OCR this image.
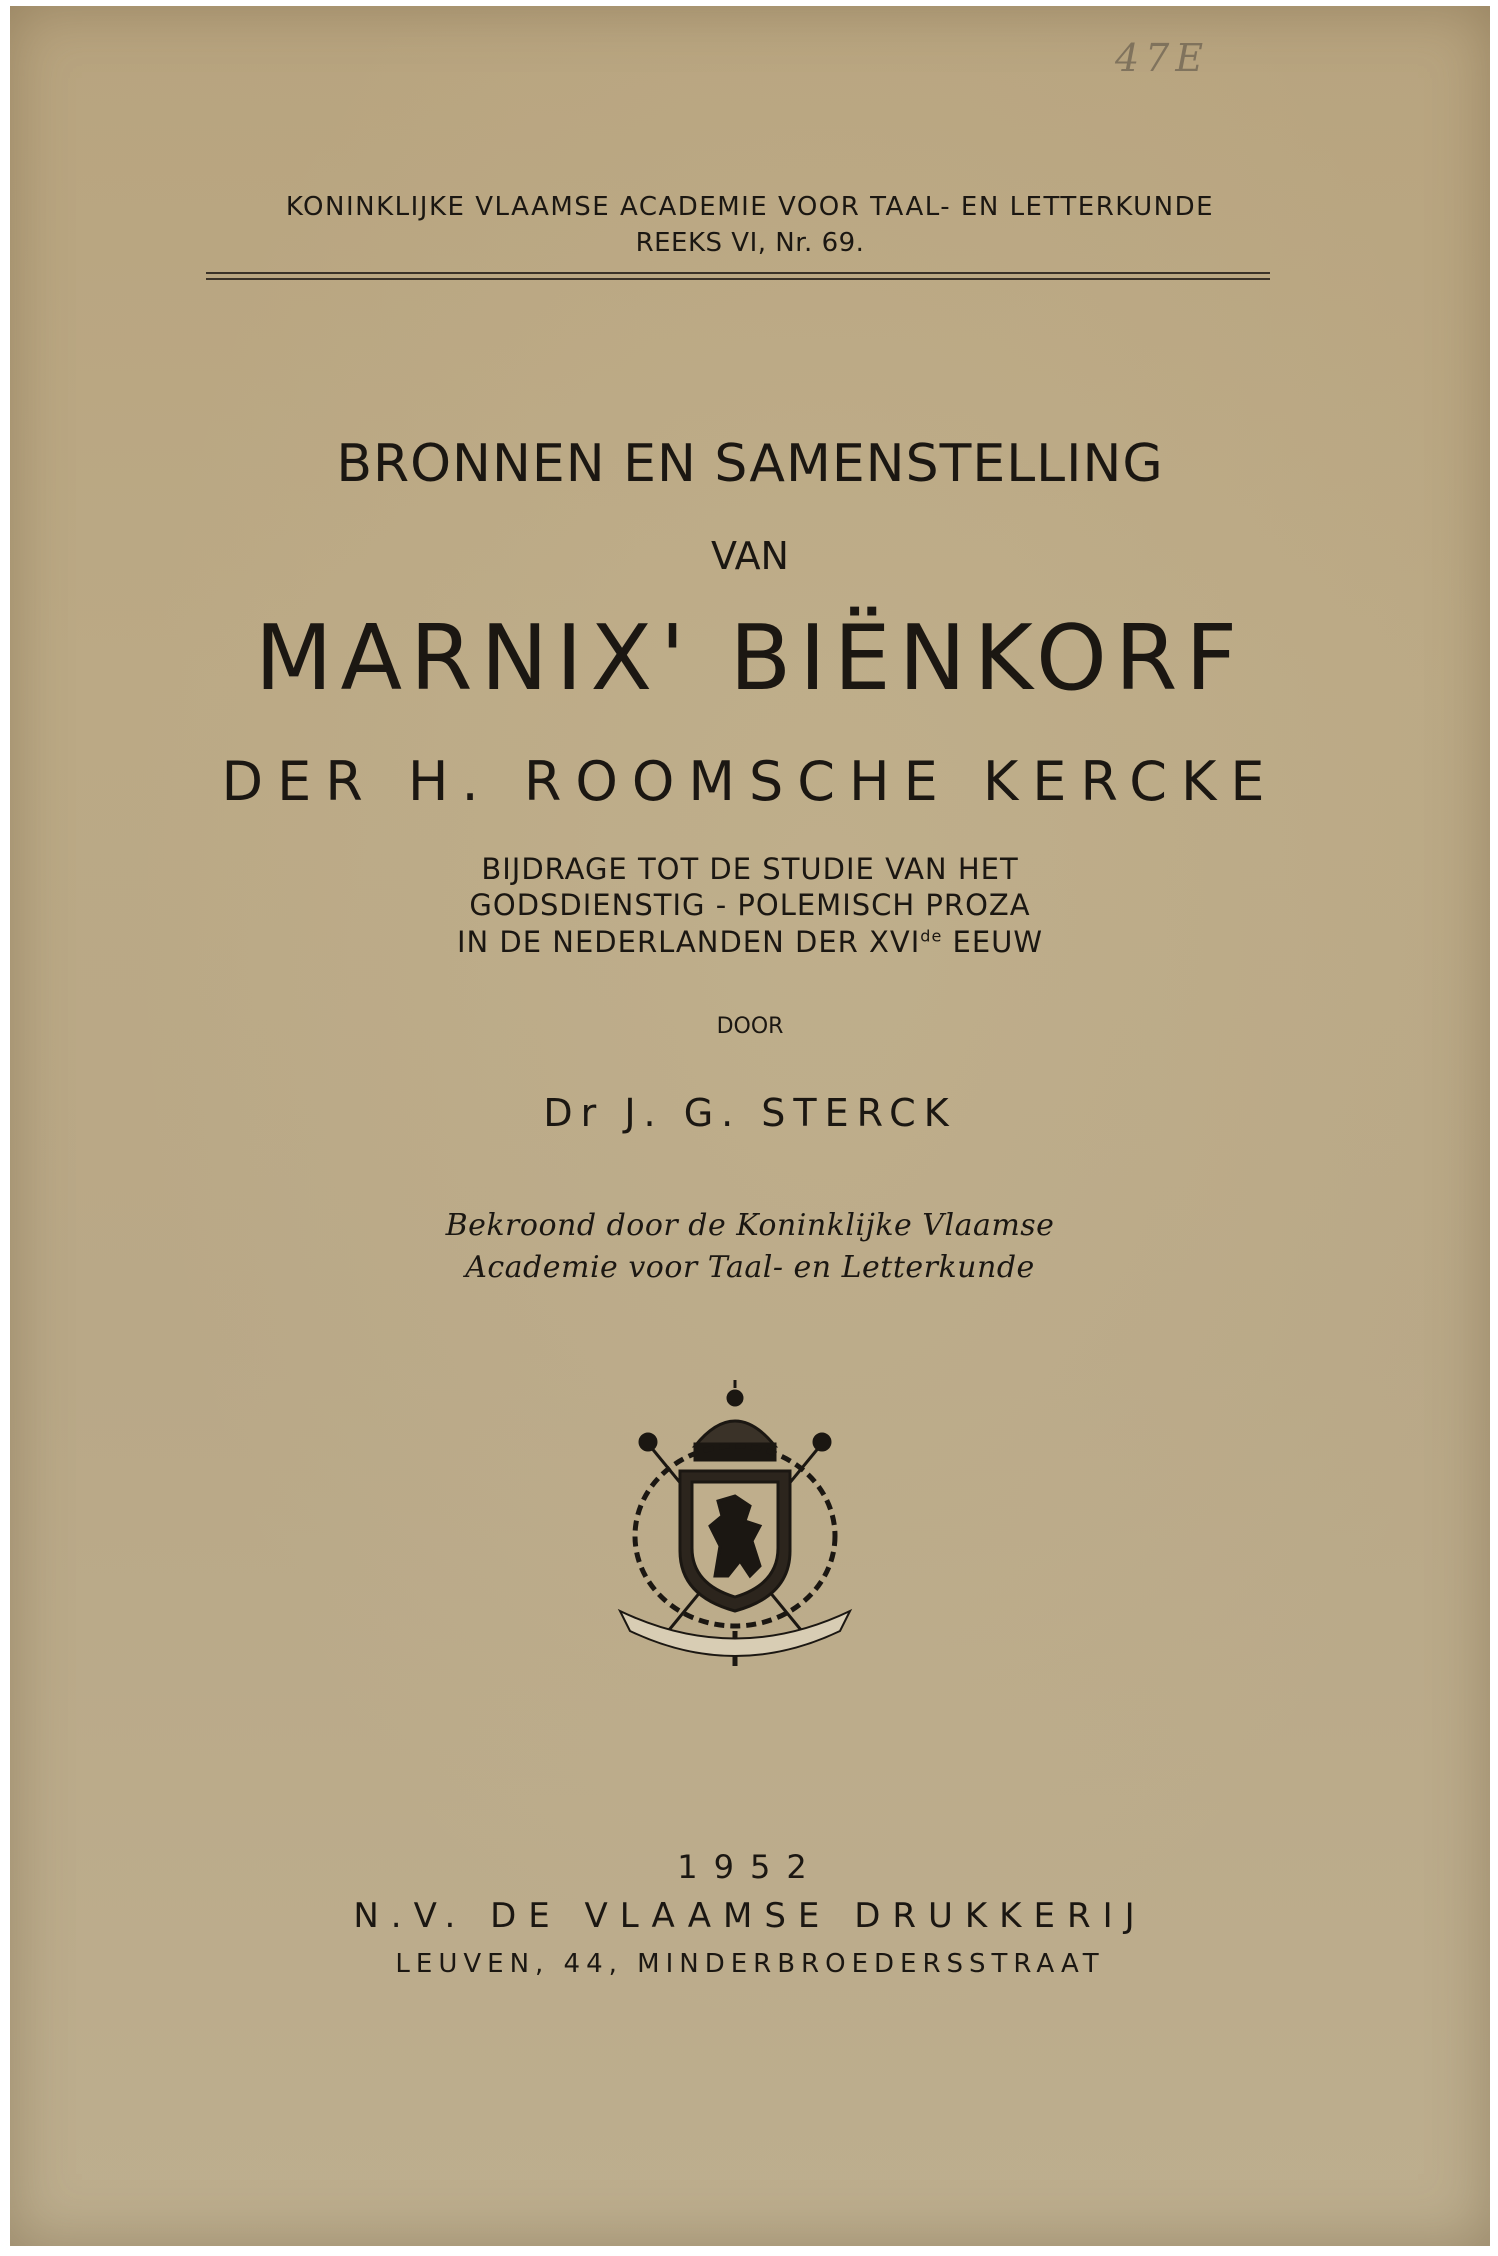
47E
KONINKLIJKE VLAAMSE ACADEMIE VOOR TAAL- EN LETTERKUNDE
REEKS VI, Nr. 69.
BRONNEN EN SAMENSTELLING
VAN
MARNIX' BIËNKORF
DER H. ROOMSCHE KERCKE
BIJDRAGE TOT DE STUDIE VAN HET
GODSDIENSTIG - POLEMISCH PROZA
IN DE NEDERLANDEN DER XVIde EEUW
DOOR
Dr J. G. STERCK
Bekroond door de Koninklijke Vlaamse
Academie voor Taal- en Letterkunde
1952
N.V. DE VLAAMSE DRUKKERIJ
LEUVEN, 44, MINDERBROEDERSSTRAAT
